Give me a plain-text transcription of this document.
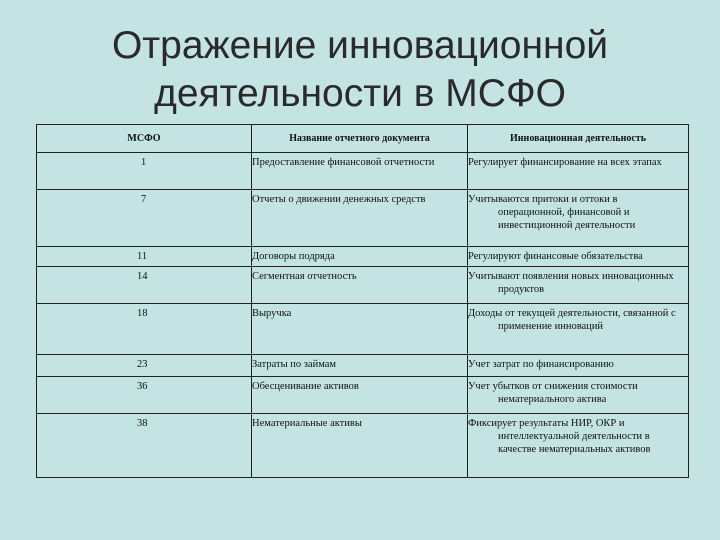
Отражение инновационной
деятельности в МСФО
МСФО	Название отчетного документа	Инновационная деятельность
1	Предоставление финансовой отчетности	Регулирует финансирование на всех этапах
7	Отчеты о движении денежных средств	Учитываются притоки и оттоки в операционной, финансовой и инвестиционной деятельности
11	Договоры подряда	Регулируют финансовые обязательства
14	Сегментная отчетность	Учитывают появления новых инновационных продуктов
18	Выручка	Доходы от текущей деятельности, связанной с применение инноваций
23	Затраты по займам	Учет затрат по финансированию
36	Обесценивание активов	Учет убытков от снижения стоимости нематериального актива
38	Нематериальные активы	Фиксирует результаты НИР, ОКР и интеллектуальной деятельности в качестве нематериальных активов
